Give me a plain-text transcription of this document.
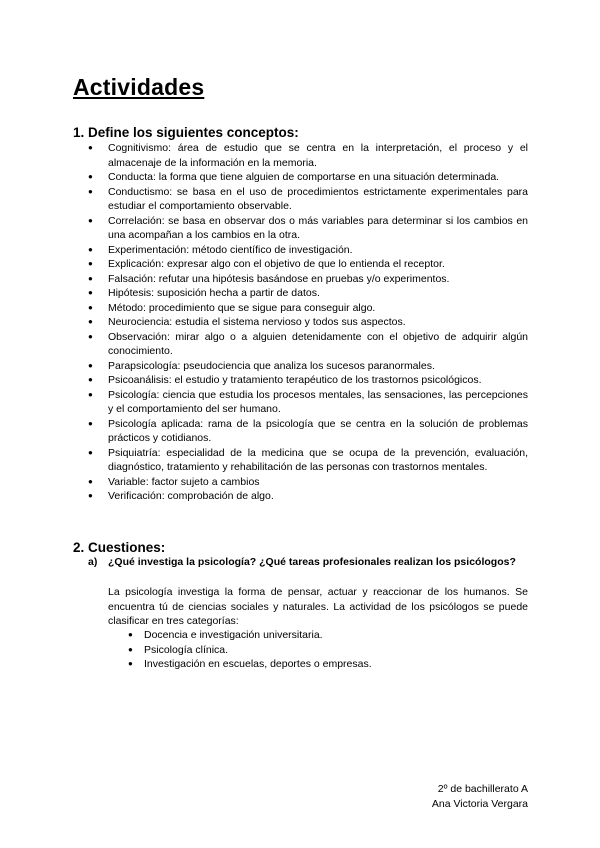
Actividades
1. Define los siguientes conceptos:
● Cognitivismo: área de estudio que se centra en la interpretación, el proceso y el almacenaje de la información en la memoria.
● Conducta: la forma que tiene alguien de comportarse en una situación determinada.
● Conductismo: se basa en el uso de procedimientos estrictamente experimentales para estudiar el comportamiento observable.
● Correlación: se basa en observar dos o más variables para determinar si los cambios en una acompañan a los cambios en la otra.
● Experimentación: método científico de investigación.
● Explicación: expresar algo con el objetivo de que lo entienda el receptor.
● Falsación: refutar una hipótesis basándose en pruebas y/o experimentos.
● Hipótesis: suposición hecha a partir de datos.
● Método: procedimiento que se sigue para conseguir algo.
● Neurociencia: estudia el sistema nervioso y todos sus aspectos.
● Observación: mirar algo o a alguien detenidamente con el objetivo de adquirir algún conocimiento.
● Parapsicología: pseudociencia que analiza los sucesos paranormales.
● Psicoanálisis: el estudio y tratamiento terapéutico de los trastornos psicológicos.
● Psicología: ciencia que estudia los procesos mentales, las sensaciones, las percepciones y el comportamiento del ser humano.
● Psicología aplicada: rama de la psicología que se centra en la solución de problemas prácticos y cotidianos.
● Psiquiatría: especialidad de la medicina que se ocupa de la prevención, evaluación, diagnóstico, tratamiento y rehabilitación de las personas con trastornos mentales.
● Variable: factor sujeto a cambios
● Verificación: comprobación de algo.
2. Cuestiones:
a)	¿Qué investiga la psicología? ¿Qué tareas profesionales realizan los psicólogos?

La psicología investiga la forma de pensar, actuar y reaccionar de los humanos. Se encuentra tú de ciencias sociales y naturales. La actividad de los psicólogos se puede clasificar en tres categorías:

● Docencia e investigación universitaria.
● Psicología clínica.
● Investigación en escuelas, deportes o empresas.
2º de bachillerato A
Ana Victoria Vergara
